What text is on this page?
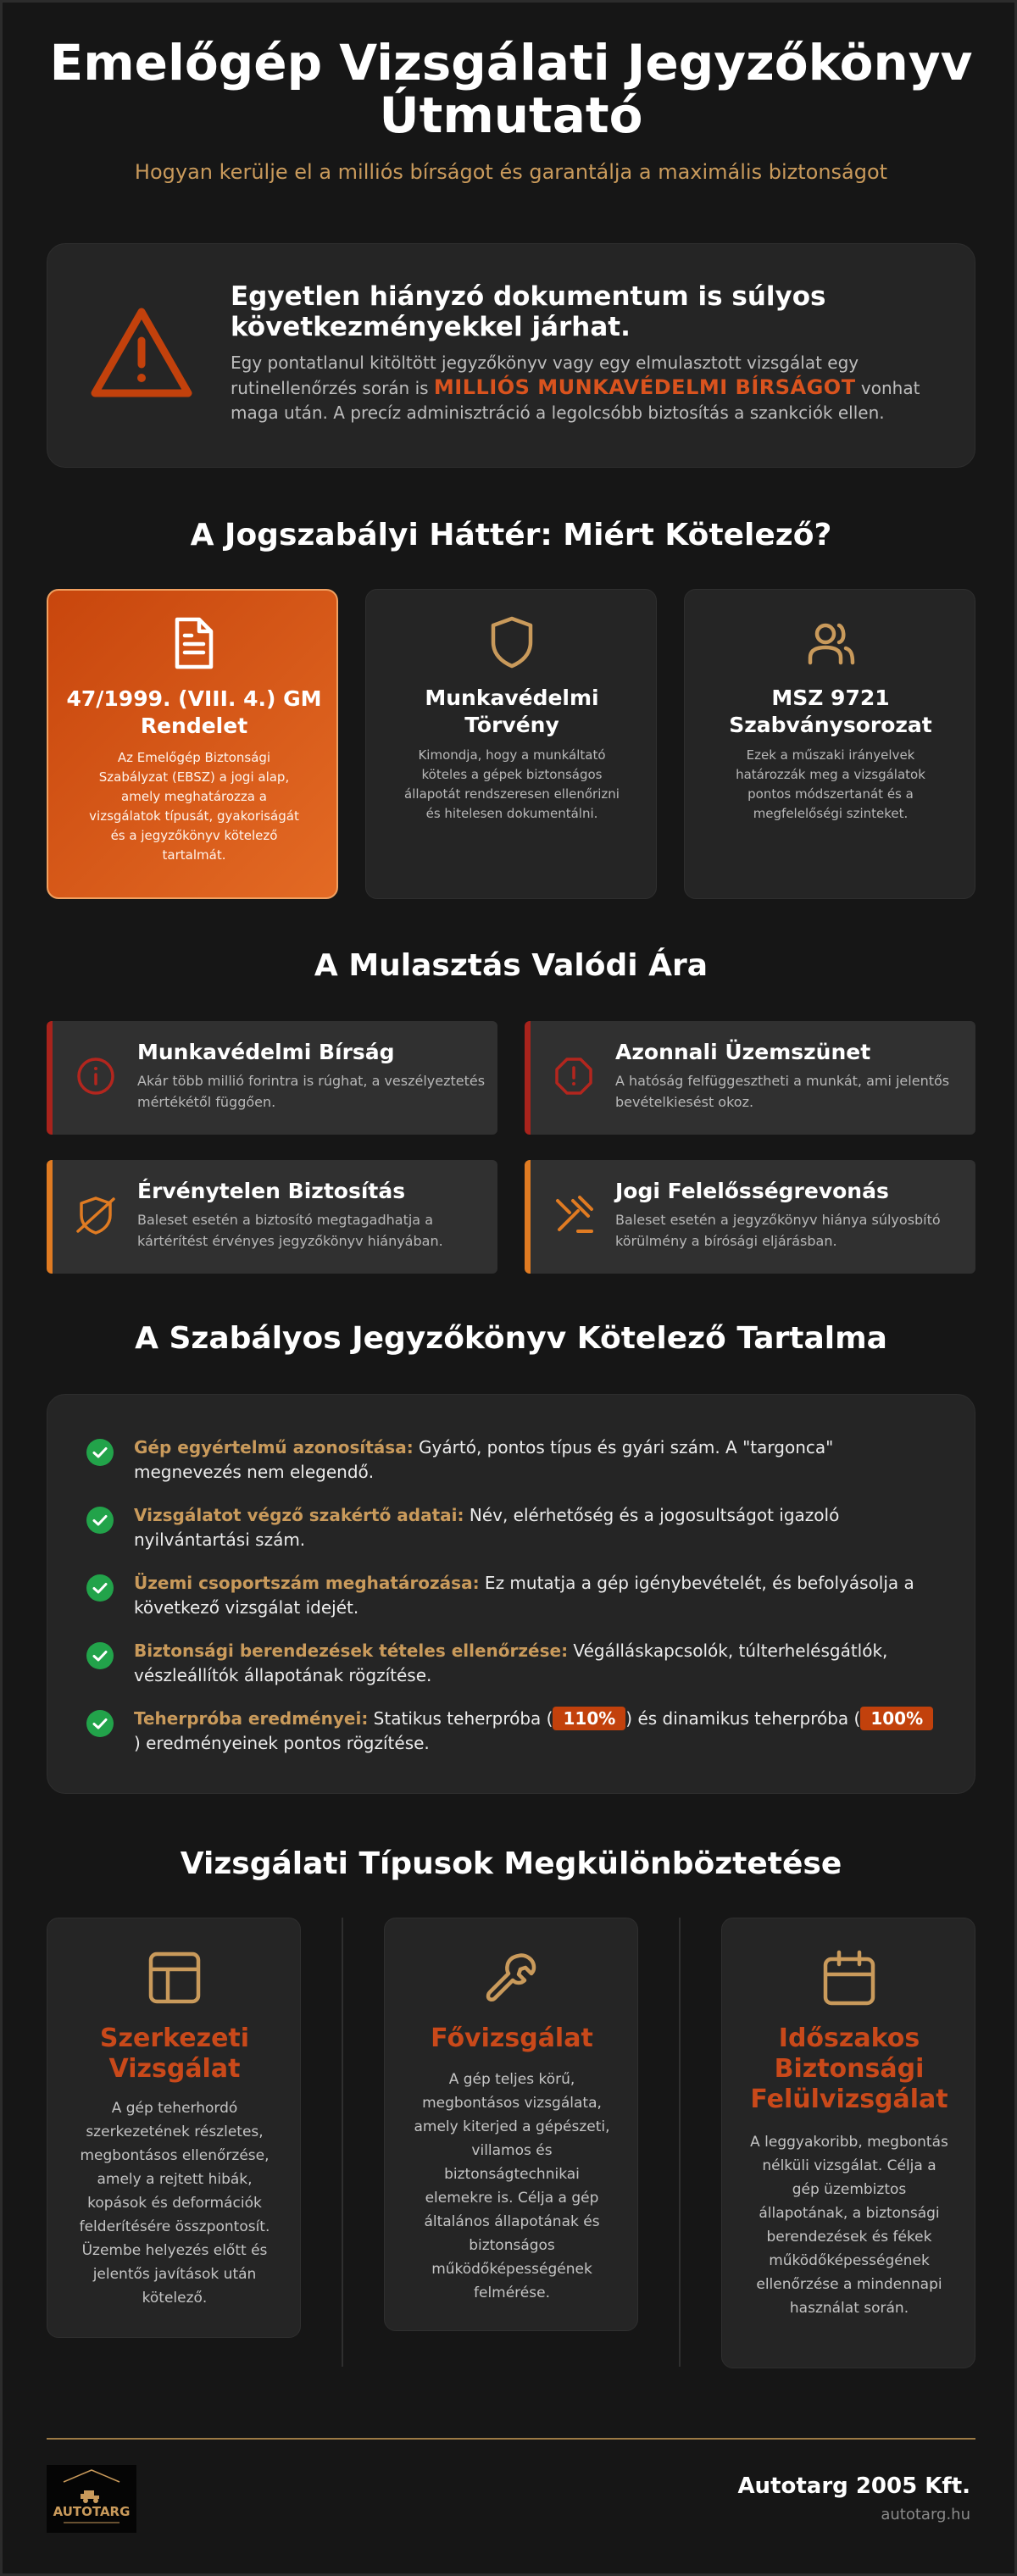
Emelőgép Vizsgálati Jegyzőkönyv
Útmutató
Hogyan kerülje el a milliós bírságot és garantálja a maximális biztonságot
Egyetlen hiányzó dokumentum is súlyos következményekkel járhat.
Egy pontatlanul kitöltött jegyzőkönyv vagy egy elmulasztott vizsgálat egy rutinellenőrzés során is MILLIÓS MUNKAVÉDELMI BÍRSÁGOT vonhat maga után. A precíz adminisztráció a legolcsóbb biztosítás a szankciók ellen.
A Jogszabályi Háttér: Miért Kötelező?
47/1999. (VIII. 4.) GM Rendelet
Az Emelőgép Biztonsági Szabályzat (EBSZ) a jogi alap, amely meghatározza a vizsgálatok típusát, gyakoriságát és a jegyzőkönyv kötelező tartalmát.
Munkavédelmi Törvény
Kimondja, hogy a munkáltató köteles a gépek biztonságos állapotát rendszeresen ellenőrizni és hitelesen dokumentálni.
MSZ 9721 Szabványsorozat
Ezek a műszaki irányelvek határozzák meg a vizsgálatok pontos módszertanát és a megfelelőségi szinteket.
A Mulasztás Valódi Ára
Munkavédelmi Bírság
Akár több millió forintra is rúghat, a veszélyeztetés mértékétől függően.
Azonnali Üzemszünet
A hatóság felfüggesztheti a munkát, ami jelentős bevételkiesést okoz.
Érvénytelen Biztosítás
Baleset esetén a biztosító megtagadhatja a kártérítést érvényes jegyzőkönyv hiányában.
Jogi Felelősségrevonás
Baleset esetén a jegyzőkönyv hiánya súlyosbító körülmény a bírósági eljárásban.
A Szabályos Jegyzőkönyv Kötelező Tartalma
Gép egyértelmű azonosítása: Gyártó, pontos típus és gyári szám. A "targonca" megnevezés nem elegendő.
Vizsgálatot végző szakértő adatai: Név, elérhetőség és a jogosultságot igazoló nyilvántartási szám.
Üzemi csoportszám meghatározása: Ez mutatja a gép igénybevételét, és befolyásolja a következő vizsgálat idejét.
Biztonsági berendezések tételes ellenőrzése: Végálláskapcsolók, túlterhelésgátlók, vészleállítók állapotának rögzítése.
Teherpróba eredményei: Statikus teherpróba ( 110% ) és dinamikus teherpróba ( 100%) eredményeinek pontos rögzítése.
Vizsgálati Típusok Megkülönböztetése
Szerkezeti Vizsgálat
A gép teherhordó szerkezetének részletes, megbontásos ellenőrzése, amely a rejtett hibák, kopások és deformációk felderítésére összpontosít. Üzembe helyezés előtt és jelentős javítások után kötelező.
Fővizsgálat
A gép teljes körű, megbontásos vizsgálata, amely kiterjed a gépészeti, villamos és biztonságtechnikai elemekre is. Célja a gép általános állapotának és biztonságos működőképességének felmérése.
Időszakos Biztonsági Felülvizsgálat
A leggyakoribb, megbontás nélküli vizsgálat. Célja a gép üzembiztos állapotának, a biztonsági berendezések és fékek működőképességének ellenőrzése a mindennapi használat során.
AUTOTARG
Autotarg 2005 Kft.
autotarg.hu
